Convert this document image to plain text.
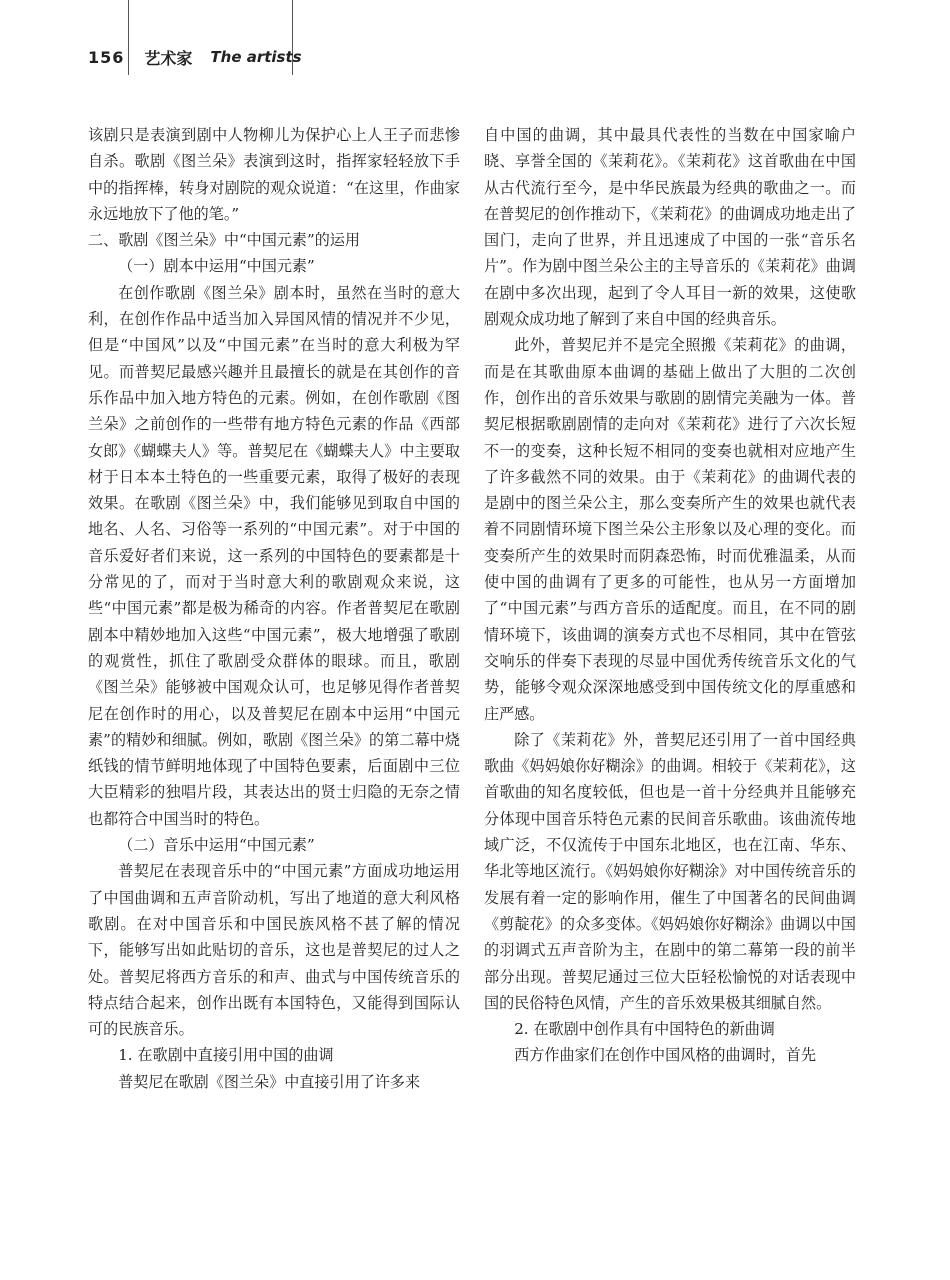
156 艺术家 The artists

该剧只是表演到剧中人物柳儿为保护心上人王子而悲惨自杀。歌剧《图兰朵》表演到这时，指挥家轻轻放下手中的指挥棒，转身对剧院的观众说道：“在这里，作曲家永远地放下了他的笔。”

二、歌剧《图兰朵》中“中国元素”的运用

（一）剧本中运用“中国元素”

在创作歌剧《图兰朵》剧本时，虽然在当时的意大利，在创作作品中适当加入异国风情的情况并不少见，但是“中国风”以及“中国元素”在当时的意大利极为罕见。而普契尼最感兴趣并且最擅长的就是在其创作的音乐作品中加入地方特色的元素。例如，在创作歌剧《图兰朵》之前创作的一些带有地方特色元素的作品《西部女郎》《蝴蝶夫人》等。普契尼在《蝴蝶夫人》中主要取材于日本本土特色的一些重要元素，取得了极好的表现效果。在歌剧《图兰朵》中，我们能够见到取自中国的地名、人名、习俗等一系列的“中国元素”。对于中国的音乐爱好者们来说，这一系列的中国特色的要素都是十分常见的了，而对于当时意大利的歌剧观众来说，这些“中国元素”都是极为稀奇的内容。作者普契尼在歌剧剧本中精妙地加入这些“中国元素”，极大地增强了歌剧的观赏性，抓住了歌剧受众群体的眼球。而且，歌剧《图兰朵》能够被中国观众认可，也足够见得作者普契尼在创作时的用心，以及普契尼在剧本中运用“中国元素”的精妙和细腻。例如，歌剧《图兰朵》的第二幕中烧纸钱的情节鲜明地体现了中国特色要素，后面剧中三位大臣精彩的独唱片段，其表达出的贤士归隐的无奈之情也都符合中国当时的特色。

（二）音乐中运用“中国元素”

普契尼在表现音乐中的“中国元素”方面成功地运用了中国曲调和五声音阶动机，写出了地道的意大利风格歌剧。在对中国音乐和中国民族风格不甚了解的情况下，能够写出如此贴切的音乐，这也是普契尼的过人之处。普契尼将西方音乐的和声、曲式与中国传统音乐的特点结合起来，创作出既有本国特色，又能得到国际认可的民族音乐。

1. 在歌剧中直接引用中国的曲调

普契尼在歌剧《图兰朵》中直接引用了许多来

自中国的曲调，其中最具代表性的当数在中国家喻户晓、享誉全国的《茉莉花》。《茉莉花》这首歌曲在中国从古代流行至今，是中华民族最为经典的歌曲之一。而在普契尼的创作推动下，《茉莉花》的曲调成功地走出了国门，走向了世界，并且迅速成了中国的一张“音乐名片”。作为剧中图兰朵公主的主导音乐的《茉莉花》曲调在剧中多次出现，起到了令人耳目一新的效果，这使歌剧观众成功地了解到了来自中国的经典音乐。

此外，普契尼并不是完全照搬《茉莉花》的曲调，而是在其歌曲原本曲调的基础上做出了大胆的二次创作，创作出的音乐效果与歌剧的剧情完美融为一体。普契尼根据歌剧剧情的走向对《茉莉花》进行了六次长短不一的变奏，这种长短不相同的变奏也就相对应地产生了许多截然不同的效果。由于《茉莉花》的曲调代表的是剧中的图兰朵公主，那么变奏所产生的效果也就代表着不同剧情环境下图兰朵公主形象以及心理的变化。而变奏所产生的效果时而阴森恐怖，时而优雅温柔，从而使中国的曲调有了更多的可能性，也从另一方面增加了“中国元素”与西方音乐的适配度。而且，在不同的剧情环境下，该曲调的演奏方式也不尽相同，其中在管弦交响乐的伴奏下表现的尽显中国优秀传统音乐文化的气势，能够令观众深深地感受到中国传统文化的厚重感和庄严感。

除了《茉莉花》外，普契尼还引用了一首中国经典歌曲《妈妈娘你好糊涂》的曲调。相较于《茉莉花》，这首歌曲的知名度较低，但也是一首十分经典并且能够充分体现中国音乐特色元素的民间音乐歌曲。该曲流传地域广泛，不仅流传于中国东北地区，也在江南、华东、华北等地区流行。《妈妈娘你好糊涂》对中国传统音乐的发展有着一定的影响作用，催生了中国著名的民间曲调《剪靛花》的众多变体。《妈妈娘你好糊涂》曲调以中国的羽调式五声音阶为主，在剧中的第二幕第一段的前半部分出现。普契尼通过三位大臣轻松愉悦的对话表现中国的民俗特色风情，产生的音乐效果极其细腻自然。

2. 在歌剧中创作具有中国特色的新曲调

西方作曲家们在创作中国风格的曲调时，首先
